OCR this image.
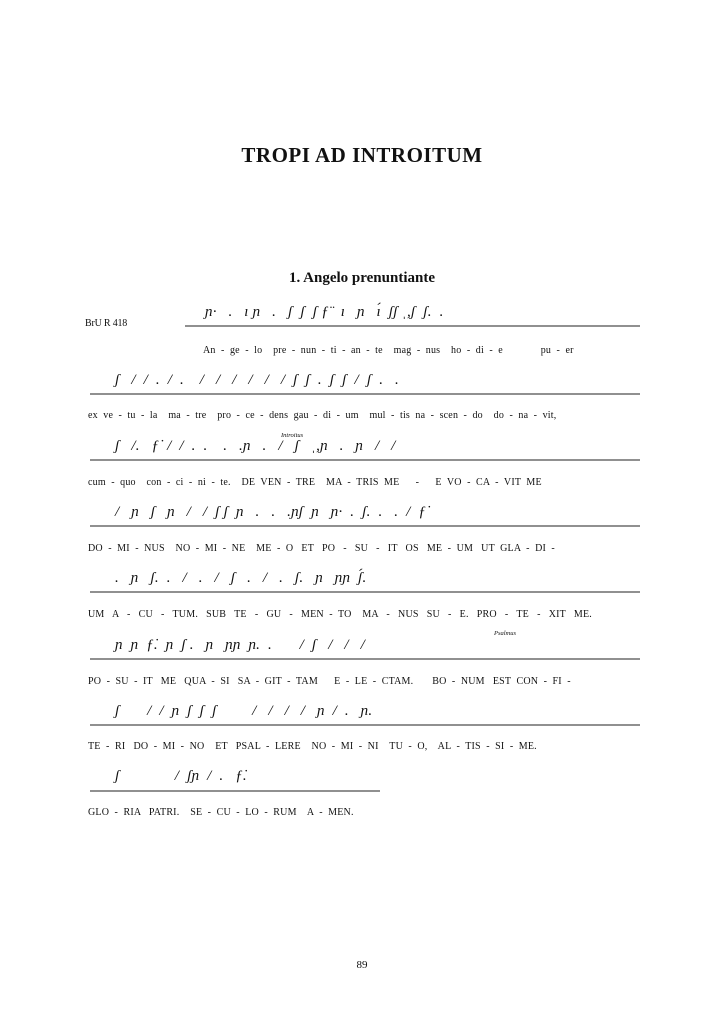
TROPI AD INTROITUM
1. Angelo prenuntiante
BrU R 418
ɲ·   .   ı ɲ   .   ʃ  ʃ  ʃ ƒ̈   ı   ɲ   ı́  ʃʃ ˌ,ʃ  ʃ.  .
ʃ   /  /  .  /  .    /   /   /   /   /   /  ʃ  ʃ  .  ʃ  ʃ  /  ʃ  .   .
ʃ   /.   ƒ̇  /  /  .  .    .   .ɲ   .   /   ʃ   ˌ,ɲ   .   ɲ   /   /
/   ɲ   ʃ   ɲ   /   /  ʃ ʃ  ɲ   .   .   .ɲʃ  ɲ   ɲ·  .  ʃ.  .   .  /  ƒ̇
.   ɲ   ʃ.  .   /   .   /   ʃ   .   /   .   ʃ.   ɲ   ɲɲ  ʃ́.
ɲ  ɲ  ƒ̇.  ɲ  ʃ .   ɲ   ɲɲ  ɲ.  .       /  ʃ   /   /   /
ʃ       /  /  ɲ  ʃ  ʃ  ʃ         /   /   /   /   ɲ  /  .   ɲ.
ʃ              /  ʃɲ  /  .   ƒ̇.
Introitus
Psalmus
An  -  ge  -  lo    pre  -  nun  -  ti  -  an  -  te    mag  -  nus    ho  -  di  -  e              pu  -  er
ex  ve  -  tu  -  la    ma  -  tre    pro  -  ce  -  dens  gau  -  di  -  um    mul  -  tis  na  -  scen  -  do    do  -  na  -  vit,
cum  -  quo    con  -  ci  -  ni  -  te.    DE  VEN  -  TRE    MA  -  TRIS  ME      -      E  VO  -  CA  -  VIT  ME
DO  -  MI  -  NUS    NO  -  MI  -  NE    ME  -  O   ET   PO   -   SU   -   IT   OS   ME  -  UM   UT  GLA  -  DI  -
UM   A   -   CU   -   TUM.   SUB   TE   -   GU   -   MEN  -  TO    MA   -   NUS   SU   -   E.   PRO   -   TE   -   XIT   ME.
PO  -  SU  -  IT   ME   QUA  -  SI   SA  -  GIT  -  TAM      E  -  LE  -  CTAM.       BO  -  NUM   EST  CON  -  FI  -
TE  -  RI   DO  -  MI  -  NO    ET   PSAL  -  LERE    NO  -  MI  -  NI    TU  -  O,    AL  -  TIS  -  SI  -  ME.
GLO  -  RIA   PATRI.    SE  -  CU  -  LO  -  RUM    A  -  MEN.
89
